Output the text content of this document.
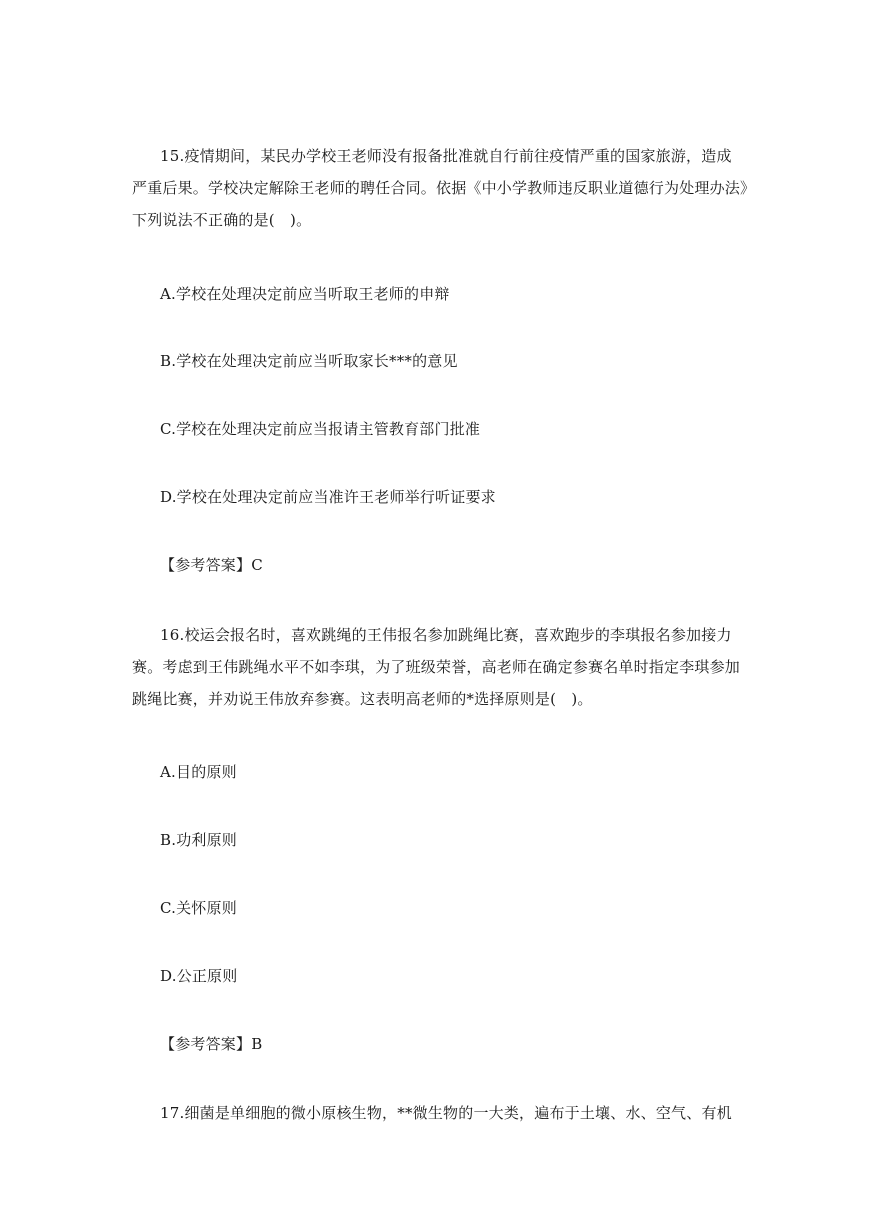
15.疫情期间，某民办学校王老师没有报备批准就自行前往疫情严重的国家旅游，造成
严重后果。学校决定解除王老师的聘任合同。依据《中小学教师违反职业道德行为处理办法》
下列说法不正确的是(　)。
A.学校在处理决定前应当听取王老师的申辩
B.学校在处理决定前应当听取家长***的意见
C.学校在处理决定前应当报请主管教育部门批准
D.学校在处理决定前应当准许王老师举行听证要求
【参考答案】C
16.校运会报名时，喜欢跳绳的王伟报名参加跳绳比赛，喜欢跑步的李琪报名参加接力
赛。考虑到王伟跳绳水平不如李琪，为了班级荣誉，高老师在确定参赛名单时指定李琪参加
跳绳比赛，并劝说王伟放弃参赛。这表明高老师的*选择原则是(　)。
A.目的原则
B.功利原则
C.关怀原则
D.公正原则
【参考答案】B
17.细菌是单细胞的微小原核生物，**微生物的一大类，遍布于土壤、水、空气、有机
